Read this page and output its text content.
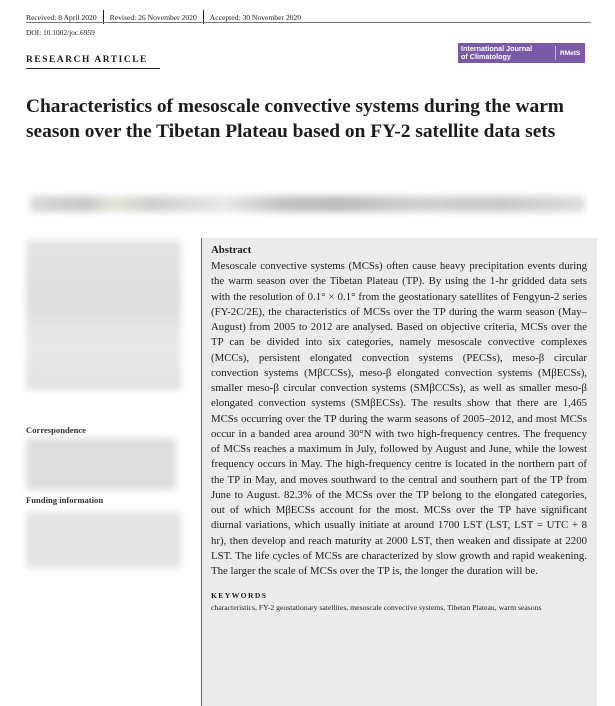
Received: 8 April 2020 Revised: 26 November 2020 Accepted: 30 November 2020
DOI: 10.1002/joc.6959
RESEARCH ARTICLE
International Journal
of Climatology	RMetS
Characteristics of mesoscale convective systems during the warm season over the Tibetan Plateau based on FY-2 satellite data sets
Correspondence
Funding information
Abstract

Mesoscale convective systems (MCSs) often cause heavy precipitation events during the warm season over the Tibetan Plateau (TP). By using the 1-hr gridded data sets with the resolution of 0.1° × 0.1° from the geostationary satellites of Fengyun-2 series (FY-2C/2E), the characteristics of MCSs over the TP during the warm season (May–August) from 2005 to 2012 are analysed. Based on objective criteria, MCSs over the TP can be divided into six categories, namely mesoscale convective complexes (MCCs), persistent elongated convection systems (PECSs), meso-β circular convection systems (MβCCSs), meso-β elongated convection systems (MβECSs), smaller meso-β circular convection systems (SMβCCSs), as well as smaller meso-β elongated convection systems (SMβECSs). The results show that there are 1,465 MCSs occurring over the TP during the warm seasons of 2005–2012, and most MCSs occur in a banded area around 30°N with two high-frequency centres. The frequency of MCSs reaches a maximum in July, followed by August and June, while the lowest frequency occurs in May. The high-frequency centre is located in the northern part of the TP in May, and moves southward to the central and southern part of the TP from June to August. 82.3% of the MCSs over the TP belong to the elongated categories, out of which MβECSs account for the most. MCSs over the TP have significant diurnal variations, which usually initiate at around 1700 LST (LST, LST = UTC + 8 hr), then develop and reach maturity at 2000 LST, then weaken and dissipate at 2200 LST. The life cycles of MCSs are characterized by slow growth and rapid weakening. The larger the scale of MCSs over the TP is, the longer the duration will be.

KEYWORDS

characteristics, FY-2 geostationary satellites, mesoscale convective systems, Tibetan Plateau, warm seasons
